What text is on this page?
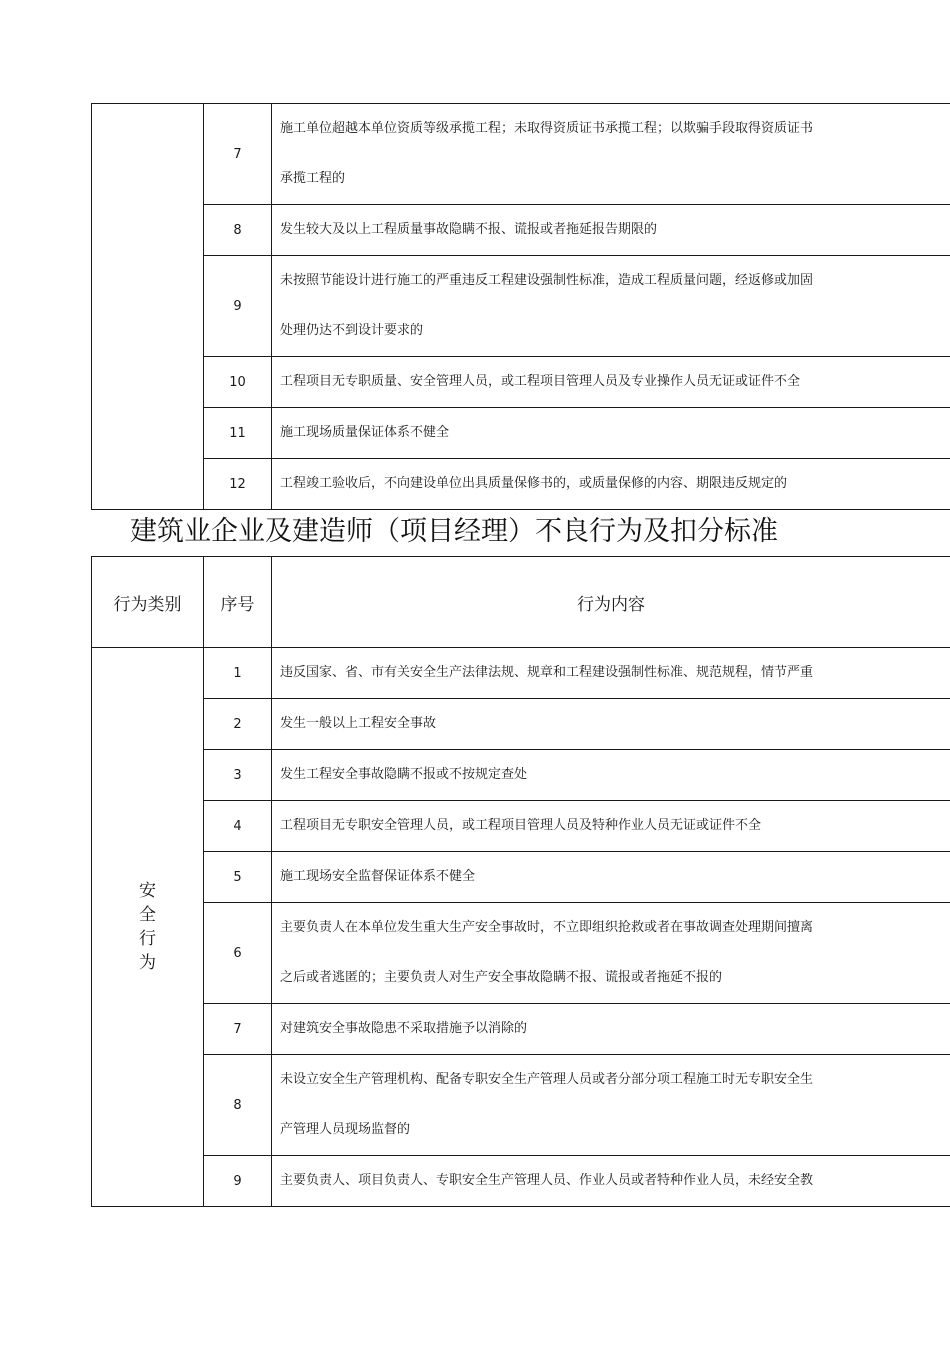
	7	施工单位超越本单位资质等级承揽工程；未取得资质证书承揽工程；以欺骗手段取得资质证书
承揽工程的

	8	发生较大及以上工程质量事故隐瞒不报、谎报或者拖延报告期限的

	9	未按照节能设计进行施工的严重违反工程建设强制性标准，造成工程质量问题，经返修或加固
处理仍达不到设计要求的

	10	工程项目无专职质量、安全管理人员，或工程项目管理人员及专业操作人员无证或证件不全

	11	施工现场质量保证体系不健全

	12	工程竣工验收后，不向建设单位出具质量保修书的，或质量保修的内容、期限违反规定的
建筑业企业及建造师（项目经理）不良行为及扣分标准
行为类别	序号	行为内容
安全行为	1	违反国家、省、市有关安全生产法律法规、规章和工程建设强制性标准、规范规程，情节严重

	2	发生一般以上工程安全事故

	3	发生工程安全事故隐瞒不报或不按规定查处

	4	工程项目无专职安全管理人员，或工程项目管理人员及特种作业人员无证或证件不全

	5	施工现场安全监督保证体系不健全

	6	主要负责人在本单位发生重大生产安全事故时，不立即组织抢救或者在事故调查处理期间擅离
之后或者逃匿的；主要负责人对生产安全事故隐瞒不报、谎报或者拖延不报的

	7	对建筑安全事故隐患不采取措施予以消除的

	8	未设立安全生产管理机构、配备专职安全生产管理人员或者分部分项工程施工时无专职安全生
产管理人员现场监督的

	9	主要负责人、项目负责人、专职安全生产管理人员、作业人员或者特种作业人员，未经安全教
